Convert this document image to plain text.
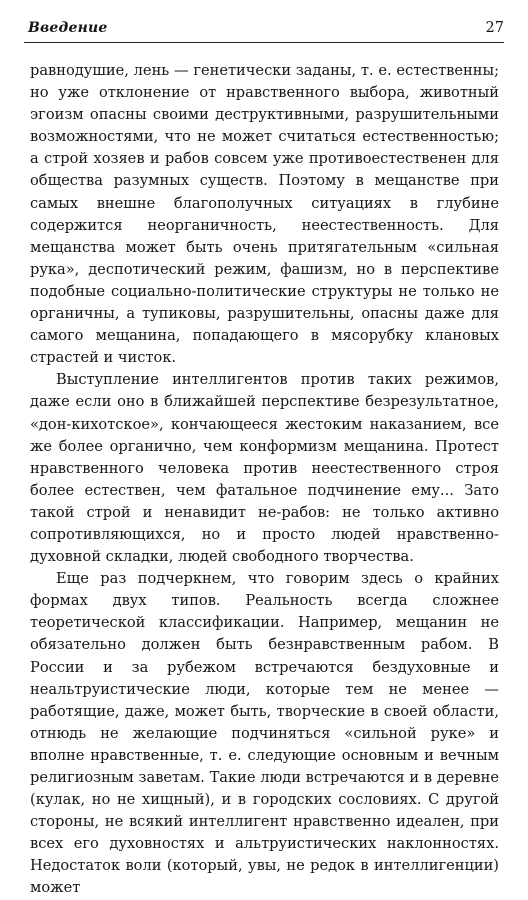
Введение	27

равнодушие, лень — генетически заданы, т. е. естественны; но уже отклонение от нравственного выбора, животный эгоизм опасны своими деструктивными, разрушительными возможностями, что не может считаться естественностью; а строй хозяев и рабов совсем уже противоестественен для общества разумных существ. Поэтому в мещанстве при самых внешне благополучных ситуациях в глубине содержится неорганичность, неестественность. Для мещанства может быть очень притягательным «сильная рука», деспотический режим, фашизм, но в перспективе подобные социально-политические структуры не только не органичны, а тупиковы, разрушительны, опасны даже для самого мещанина, попадающего в мясорубку клановых страстей и чисток.

Выступление интеллигентов против таких режимов, даже если оно в ближайшей перспективе безрезультатное, «дон-кихотское», кончающееся жестоким наказанием, все же более органично, чем конформизм мещанина. Протест нравственного человека против неестественного строя более естествен, чем фатальное подчинение ему... Зато такой строй и ненавидит не-рабов: не только активно сопротивляющихся, но и просто людей нравственно-духовной складки, людей свободного творчества.

Еще раз подчеркнем, что говорим здесь о крайних формах двух типов. Реальность всегда сложнее теоретической классификации. Например, мещанин не обязательно должен быть безнравственным рабом. В России и за рубежом встречаются бездуховные и неальтруистические люди, которые тем не менее — работящие, даже, может быть, творческие в своей области, отнюдь не желающие подчиняться «сильной руке» и вполне нравственные, т. е. следующие основным и вечным религиозным заветам. Такие люди встречаются и в деревне (кулак, но не хищный), и в городских сословиях. С другой стороны, не всякий интеллигент нравственно идеален, при всех его духовностях и альтруистических наклонностях. Недостаток воли (который, увы, не редок в интеллигенции) может
